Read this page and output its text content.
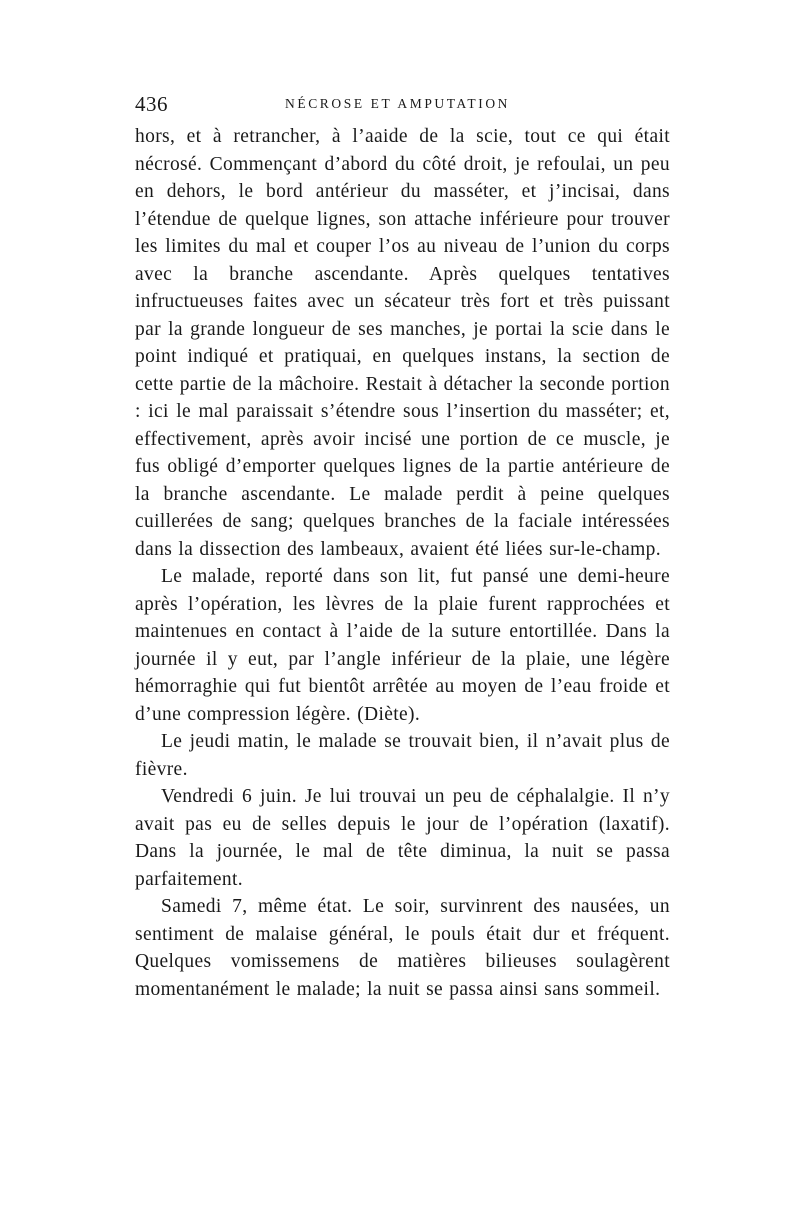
436	NÉCROSE ET AMPUTATION

hors, et à retrancher, à l’aaide de la scie, tout ce qui était nécrosé. Commençant d’abord du côté droit, je refoulai, un peu en dehors, le bord antérieur du masséter, et j’incisai, dans l’étendue de quelque lignes, son attache inférieure pour trouver les limites du mal et couper l’os au niveau de l’union du corps avec la branche ascendante. Après quelques tentatives infructueuses faites avec un sécateur très fort et très puissant par la grande longueur de ses manches, je portai la scie dans le point indiqué et pratiquai, en quelques instans, la section de cette partie de la mâchoire. Restait à détacher la seconde portion : ici le mal paraissait s’étendre sous l’insertion du masséter; et, effectivement, après avoir incisé une portion de ce muscle, je fus obligé d’emporter quelques lignes de la partie antérieure de la branche ascendante. Le malade perdit à peine quelques cuillerées de sang; quelques branches de la faciale intéressées dans la dissection des lambeaux, avaient été liées sur-le-champ.

Le malade, reporté dans son lit, fut pansé une demi-heure après l’opération, les lèvres de la plaie furent rapprochées et maintenues en contact à l’aide de la suture entortillée. Dans la journée il y eut, par l’angle inférieur de la plaie, une légère hémorraghie qui fut bientôt arrêtée au moyen de l’eau froide et d’une compression légère. (Diète).

Le jeudi matin, le malade se trouvait bien, il n’avait plus de fièvre.

Vendredi 6 juin. Je lui trouvai un peu de céphalalgie. Il n’y avait pas eu de selles depuis le jour de l’opération (laxatif). Dans la journée, le mal de tête diminua, la nuit se passa parfaitement.

Samedi 7, même état. Le soir, survinrent des nausées, un sentiment de malaise général, le pouls était dur et fréquent. Quelques vomissemens de matières bilieuses soulagèrent momentanément le malade; la nuit se passa ainsi sans sommeil.
